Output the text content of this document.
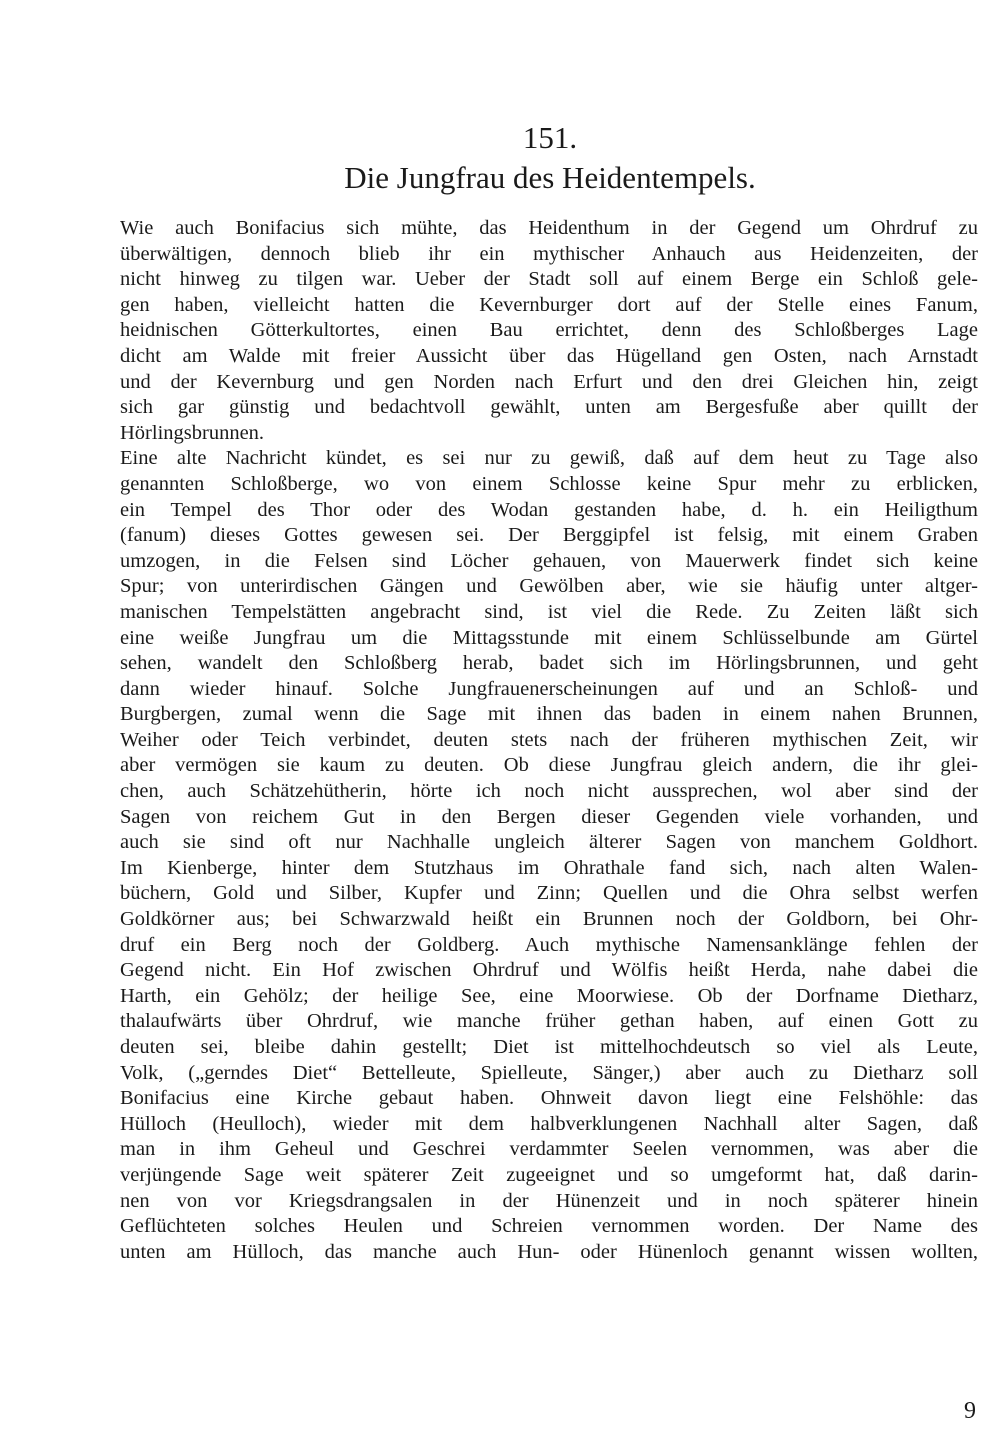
151.
Die Jungfrau des Heidentempels.
Wie auch Bonifacius sich mühte, das Heidenthum in der Gegend um Ohrdruf zu
überwältigen, dennoch blieb ihr ein mythischer Anhauch aus Heidenzeiten, der
nicht hinweg zu tilgen war. Ueber der Stadt soll auf einem Berge ein Schloß gele-
gen haben, vielleicht hatten die Kevernburger dort auf der Stelle eines Fanum,
heidnischen Götterkultortes, einen Bau errichtet, denn des Schloßberges Lage
dicht am Walde mit freier Aussicht über das Hügelland gen Osten, nach Arnstadt
und der Kevernburg und gen Norden nach Erfurt und den drei Gleichen hin, zeigt
sich gar günstig und bedachtvoll gewählt, unten am Bergesfuße aber quillt der
Hörlingsbrunnen.
Eine alte Nachricht kündet, es sei nur zu gewiß, daß auf dem heut zu Tage also
genannten Schloßberge, wo von einem Schlosse keine Spur mehr zu erblicken,
ein Tempel des Thor oder des Wodan gestanden habe, d. h. ein Heiligthum
(fanum) dieses Gottes gewesen sei. Der Berggipfel ist felsig, mit einem Graben
umzogen, in die Felsen sind Löcher gehauen, von Mauerwerk findet sich keine
Spur; von unterirdischen Gängen und Gewölben aber, wie sie häufig unter altger-
manischen Tempelstätten angebracht sind, ist viel die Rede. Zu Zeiten läßt sich
eine weiße Jungfrau um die Mittagsstunde mit einem Schlüsselbunde am Gürtel
sehen, wandelt den Schloßberg herab, badet sich im Hörlingsbrunnen, und geht
dann wieder hinauf. Solche Jungfrauenerscheinungen auf und an Schloß- und
Burgbergen, zumal wenn die Sage mit ihnen das baden in einem nahen Brunnen,
Weiher oder Teich verbindet, deuten stets nach der früheren mythischen Zeit, wir
aber vermögen sie kaum zu deuten. Ob diese Jungfrau gleich andern, die ihr glei-
chen, auch Schätzehütherin, hörte ich noch nicht aussprechen, wol aber sind der
Sagen von reichem Gut in den Bergen dieser Gegenden viele vorhanden, und
auch sie sind oft nur Nachhalle ungleich älterer Sagen von manchem Goldhort.
Im Kienberge, hinter dem Stutzhaus im Ohrathale fand sich, nach alten Walen-
büchern, Gold und Silber, Kupfer und Zinn; Quellen und die Ohra selbst werfen
Goldkörner aus; bei Schwarzwald heißt ein Brunnen noch der Goldborn, bei Ohr-
druf ein Berg noch der Goldberg. Auch mythische Namensanklänge fehlen der
Gegend nicht. Ein Hof zwischen Ohrdruf und Wölfis heißt Herda, nahe dabei die
Harth, ein Gehölz; der heilige See, eine Moorwiese. Ob der Dorfname Dietharz,
thalaufwärts über Ohrdruf, wie manche früher gethan haben, auf einen Gott zu
deuten sei, bleibe dahin gestellt; Diet ist mittelhochdeutsch so viel als Leute,
Volk, („gerndes Diet“ Bettelleute, Spielleute, Sänger,) aber auch zu Dietharz soll
Bonifacius eine Kirche gebaut haben. Ohnweit davon liegt eine Felshöhle: das
Hülloch (Heulloch), wieder mit dem halbverklungenen Nachhall alter Sagen, daß
man in ihm Geheul und Geschrei verdammter Seelen vernommen, was aber die
verjüngende Sage weit späterer Zeit zugeeignet und so umgeformt hat, daß darin-
nen von vor Kriegsdrangsalen in der Hünenzeit und in noch späterer hinein
Geflüchteten solches Heulen und Schreien vernommen worden. Der Name des
unten am Hülloch, das manche auch Hun- oder Hünenloch genannt wissen wollten,
9
